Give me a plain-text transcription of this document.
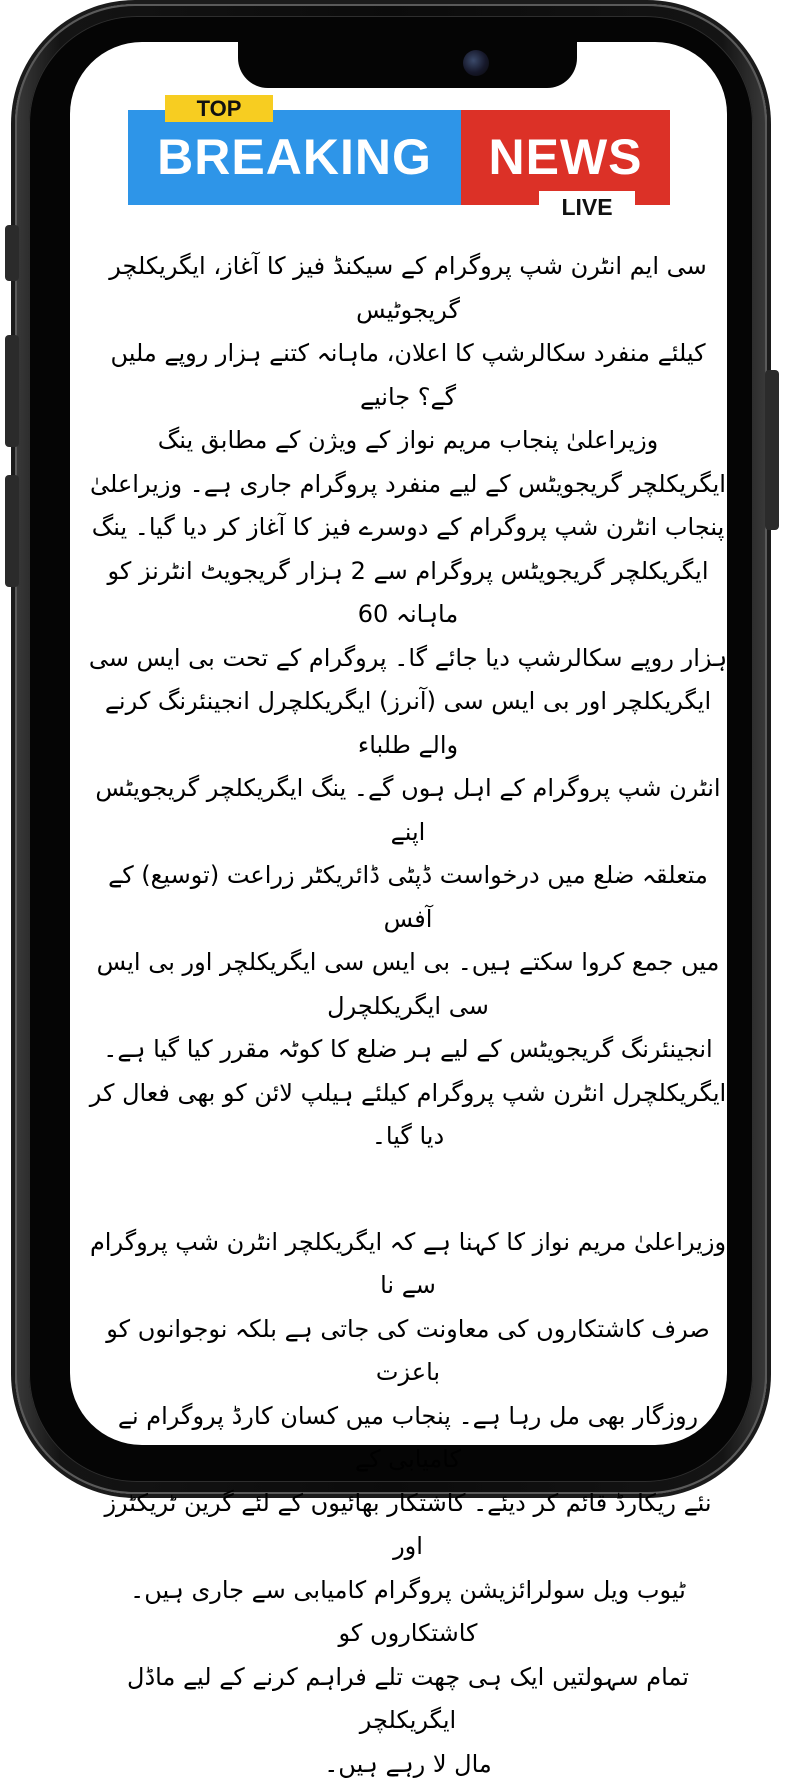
BREAKING	NEWS
TOP
LIVE

سی ایم انٹرن شپ پروگرام کے سیکنڈ فیز کا آغاز، ایگریکلچر گریجوٹیس

کیلئے منفرد سکالرشپ کا اعلان، ماہانہ کتنے ہزار روپے ملیں گے؟ جانیے

وزیراعلیٰ پنجاب مریم نواز کے ویژن کے مطابق ینگ

ایگریکلچر گریجویٹس کے لیے منفرد پروگرام جاری ہے۔ وزیراعلیٰ

پنجاب انٹرن شپ پروگرام کے دوسرے فیز کا آغاز کر دیا گیا۔ ینگ

ایگریکلچر گریجویٹس پروگرام سے 2 ہزار گریجویٹ انٹرنز کو ماہانہ 60

ہزار روپے سکالرشپ دیا جائے گا۔ پروگرام کے تحت بی ایس سی

ایگریکلچر اور بی ایس سی (آنرز) ایگریکلچرل انجینئرنگ کرنے والے طلباء

انٹرن شپ پروگرام کے اہل ہوں گے۔ ینگ ایگریکلچر گریجویٹس اپنے

متعلقہ ضلع میں درخواست ڈپٹی ڈائریکٹر زراعت (توسیع) کے آفس

میں جمع کروا سکتے ہیں۔ بی ایس سی ایگریکلچر اور بی ایس سی ایگریکلچرل

انجینئرنگ گریجویٹس کے لیے ہر ضلع کا کوٹہ مقرر کیا گیا ہے۔

ایگریکلچرل انٹرن شپ پروگرام کیلئے ہیلپ لائن کو بھی فعال کر دیا گیا۔

وزیراعلیٰ مریم نواز کا کہنا ہے کہ ایگریکلچر انٹرن شپ پروگرام سے نا

صرف کاشتکاروں کی معاونت کی جاتی ہے بلکہ نوجوانوں کو باعزت

روزگار بھی مل رہا ہے۔ پنجاب میں کسان کارڈ پروگرام نے کامیابی کے

نئے ریکارڈ قائم کر دیئے۔ کاشتکار بھائیوں کے لئے گرین ٹریکٹرز اور

ٹیوب ویل سولرائزیشن پروگرام کامیابی سے جاری ہیں۔ کاشتکاروں کو

تمام سہولتیں ایک ہی چھت تلے فراہم کرنے کے لیے ماڈل ایگریکلچر

مال لا رہے ہیں۔
